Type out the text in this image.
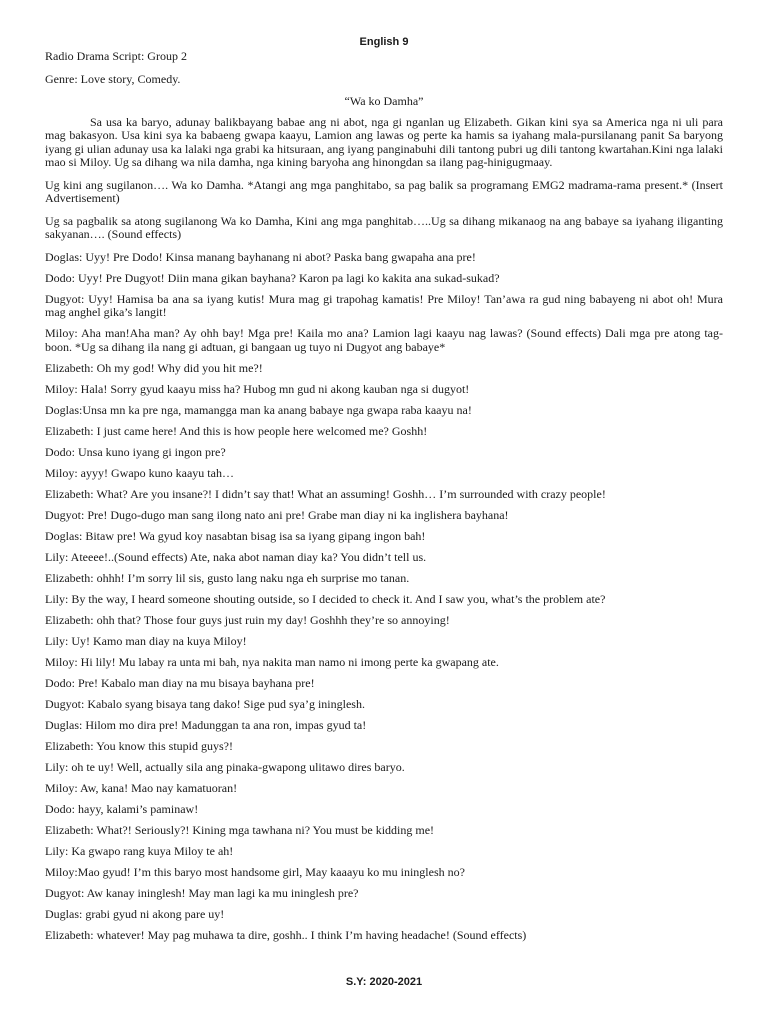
English 9

Radio Drama Script: Group 2

Genre: Love story, Comedy.

“Wa ko Damha”

Sa usa ka baryo, adunay balikbayang babae ang ni abot, nga gi nganlan ug Elizabeth. Gikan kini sya sa America nga ni uli para mag bakasyon. Usa kini sya ka babaeng gwapa kaayu, Lamion ang lawas og perte ka hamis sa iyahang mala-pursilanang panit Sa baryong iyang gi ulian adunay usa ka lalaki nga grabi ka hitsuraan, ang iyang panginabuhi dili tantong pubri ug dili tantong kwartahan.Kini nga lalaki mao si Miloy. Ug sa dihang wa nila damha, nga kining baryoha ang hinongdan sa ilang pag-hinigugmaay.

Ug kini ang sugilanon…. Wa ko Damha. *Atangi ang mga panghitabo, sa pag balik sa programang EMG2 madrama-rama present.* (Insert Advertisement)

Ug sa pagbalik sa atong sugilanong Wa ko Damha, Kini ang mga panghitab…..Ug sa dihang mikanaog na ang babaye sa iyahang iliganting sakyanan…. (Sound effects)

Doglas: Uyy! Pre Dodo! Kinsa manang bayhanang ni abot? Paska bang gwapaha ana pre!

Dodo: Uyy! Pre Dugyot! Diin mana gikan bayhana? Karon pa lagi ko kakita ana sukad-sukad?

Dugyot: Uyy! Hamisa ba ana sa iyang kutis! Mura mag gi trapohag kamatis! Pre Miloy! Tan’awa ra gud ning babayeng ni abot oh! Mura mag anghel gika’s langit!

Miloy: Aha man!Aha man? Ay ohh bay! Mga pre! Kaila mo ana? Lamion lagi kaayu nag lawas? (Sound effects) Dali mga pre atong tag-boon. *Ug sa dihang ila nang gi adtuan, gi bangaan ug tuyo ni Dugyot ang babaye*

Elizabeth: Oh my god! Why did you hit me?!

Miloy: Hala! Sorry gyud kaayu miss ha? Hubog mn gud ni akong kauban nga si dugyot!

Doglas:Unsa mn ka pre nga, mamangga man ka anang babaye nga gwapa raba kaayu na!

Elizabeth: I just came here! And this is how people here welcomed me? Goshh!

Dodo: Unsa kuno iyang gi ingon pre?

Miloy: ayyy! Gwapo kuno kaayu tah…

Elizabeth: What? Are you insane?! I didn’t say that! What an assuming! Goshh… I’m surrounded with crazy people!

Dugyot: Pre! Dugo-dugo man sang ilong nato ani pre! Grabe man diay ni ka inglishera bayhana!

Doglas: Bitaw pre! Wa gyud koy nasabtan bisag isa sa iyang gipang ingon bah!

Lily: Ateeee!..(Sound effects) Ate, naka abot naman diay ka? You didn’t tell us.

Elizabeth: ohhh! I’m sorry lil sis, gusto lang naku nga eh surprise mo tanan.

Lily: By the way, I heard someone shouting outside, so I decided to check it. And I saw you, what’s the problem ate?

Elizabeth: ohh that? Those four guys just ruin my day! Goshhh they’re so annoying!

Lily: Uy! Kamo man diay na kuya Miloy!

Miloy: Hi lily! Mu labay ra unta mi bah, nya nakita man namo ni imong perte ka gwapang ate.

Dodo: Pre! Kabalo man diay na mu bisaya bayhana pre!

Dugyot: Kabalo syang bisaya tang dako! Sige pud sya’g ininglesh.

Duglas: Hilom mo dira pre! Madunggan ta ana ron, impas gyud ta!

Elizabeth: You know this stupid guys?!

Lily: oh te uy! Well, actually sila ang pinaka-gwapong ulitawo dires baryo.

Miloy: Aw, kana! Mao nay kamatuoran!

Dodo: hayy, kalami’s paminaw!

Elizabeth: What?! Seriously?! Kining mga tawhana ni? You must be kidding me!

Lily: Ka gwapo rang kuya Miloy te ah!

Miloy:Mao gyud! I’m this baryo most handsome girl, May kaaayu ko mu ininglesh no?

Dugyot: Aw kanay ininglesh! May man lagi ka mu ininglesh pre?

Duglas: grabi gyud ni akong pare uy!

Elizabeth: whatever! May pag muhawa ta dire, goshh.. I think I’m having headache! (Sound effects)

S.Y: 2020-2021
